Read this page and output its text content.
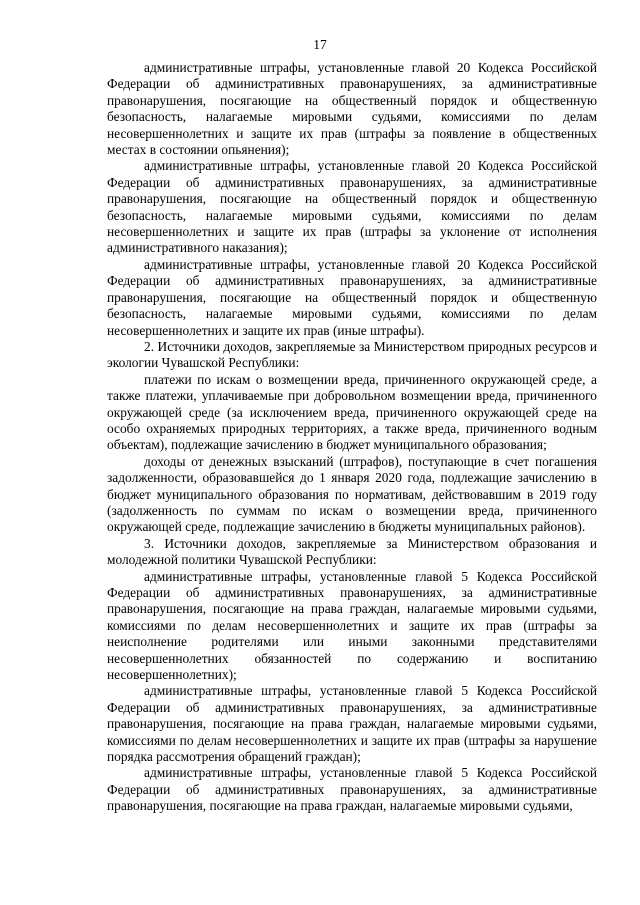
17

административные штрафы, установленные главой 20 Кодекса Российской Федерации об административных правонарушениях, за административные правонарушения, посягающие на общественный порядок и общественную безопасность, налагаемые мировыми судьями, комиссиями по делам несовершеннолетних и защите их прав (штрафы за появление в общественных местах в состоянии опьянения);

административные штрафы, установленные главой 20 Кодекса Российской Федерации об административных правонарушениях, за административные правонарушения, посягающие на общественный порядок и общественную безопасность, налагаемые мировыми судьями, комиссиями по делам несовершеннолетних и защите их прав (штрафы за уклонение от исполнения административного наказания);

административные штрафы, установленные главой 20 Кодекса Российской Федерации об административных правонарушениях, за административные правонарушения, посягающие на общественный порядок и общественную безопасность, налагаемые мировыми судьями, комиссиями по делам несовершеннолетних и защите их прав (иные штрафы).

2. Источники доходов, закрепляемые за Министерством природных ресурсов и экологии Чувашской Республики:

платежи по искам о возмещении вреда, причиненного окружающей среде, а также платежи, уплачиваемые при добровольном возмещении вреда, причиненного окружающей среде (за исключением вреда, причиненного окружающей среде на особо охраняемых природных территориях, а также вреда, причиненного водным объектам), подлежащие зачислению в бюджет муниципального образования;

доходы от денежных взысканий (штрафов), поступающие в счет погашения задолженности, образовавшейся до 1 января 2020 года, подлежащие зачислению в бюджет муниципального образования по нормативам, действовавшим в 2019 году (задолженность по суммам по искам о возмещении вреда, причиненного окружающей среде, подлежащие зачислению в бюджеты муниципальных районов).

3. Источники доходов, закрепляемые за Министерством образования и молодежной политики Чувашской Республики:

административные штрафы, установленные главой 5 Кодекса Российской Федерации об административных правонарушениях, за административные правонарушения, посягающие на права граждан, налагаемые мировыми судьями, комиссиями по делам несовершеннолетних и защите их прав (штрафы за неисполнение родителями или иными законными представителями несовершеннолетних обязанностей по содержанию и воспитанию несовершеннолетних);

административные штрафы, установленные главой 5 Кодекса Российской Федерации об административных правонарушениях, за административные правонарушения, посягающие на права граждан, налагаемые мировыми судьями, комиссиями по делам несовершеннолетних и защите их прав (штрафы за нарушение порядка рассмотрения обращений граждан);

административные штрафы, установленные главой 5 Кодекса Российской Федерации об административных правонарушениях, за административные правонарушения, посягающие на права граждан, налагаемые мировыми судьями,
